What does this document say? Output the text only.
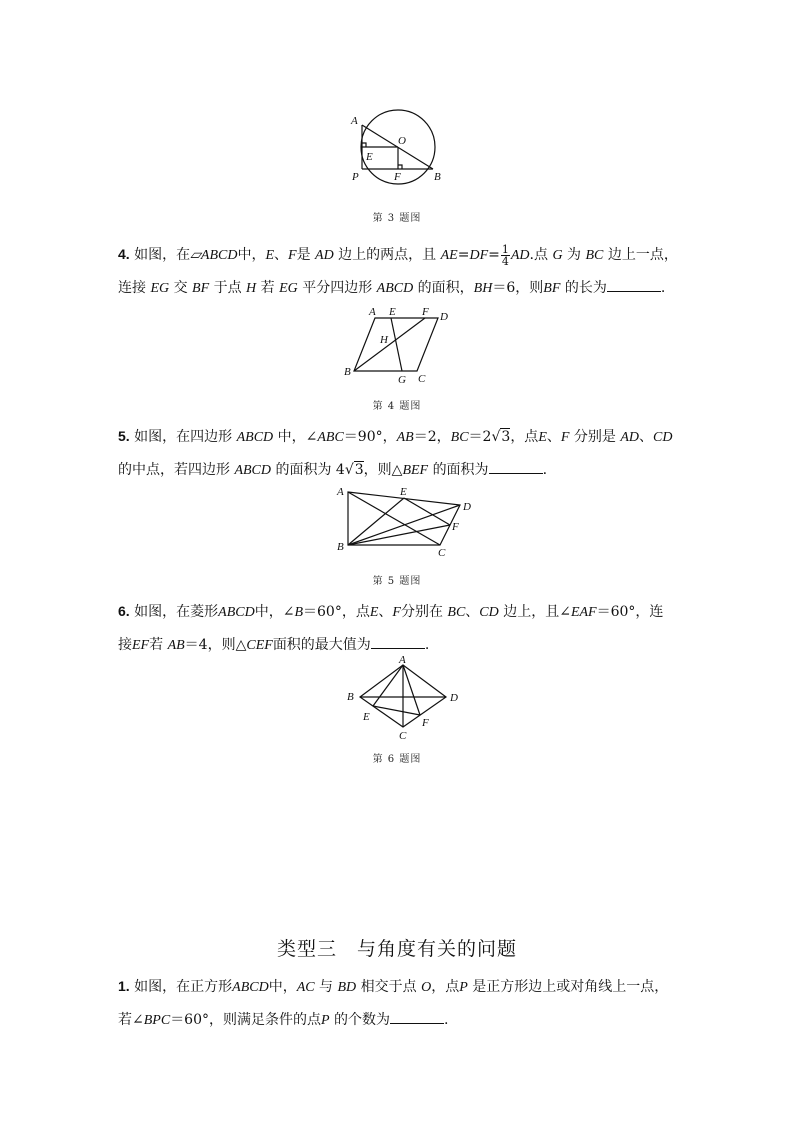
A
O
E
P	F	B
第 3 题图
4. 如图，在▱ABCD中，E、F是 AD 边上的两点，且 $AE=DF= \frac{1}{4}$ AD.点 G 为 BC 边上一点，
连接 EG 交 BF 于点 H 若 EG 平分四边形 ABCD 的面积，BH＝6，则BF 的长为	.
A E F D
H
B
G C
第 4 题图
5. 如图，在四边形 ABCD 中，∠ABC＝90°，AB＝2，BC＝2√3，点E、F 分别是 AD、CD
的中点，若四边形 ABCD 的面积为 4√3，则△BEF 的面积为	.
A	E
D
F
B	C
第 5 题图
6. 如图，在菱形ABCD中，∠B＝60°，点E、F分别在 BC、CD 边上，且∠EAF＝60°，连
接EF若 AB＝4，则△CEF面积的最大值为	.
A
B	D
E	F
C
第 6 题图
类型三　与角度有关的问题
1. 如图，在正方形ABCD中，AC 与 BD 相交于点 O，点P 是正方形边上或对角线上一点，
若∠BPC＝60°，则满足条件的点P 的个数为	.
